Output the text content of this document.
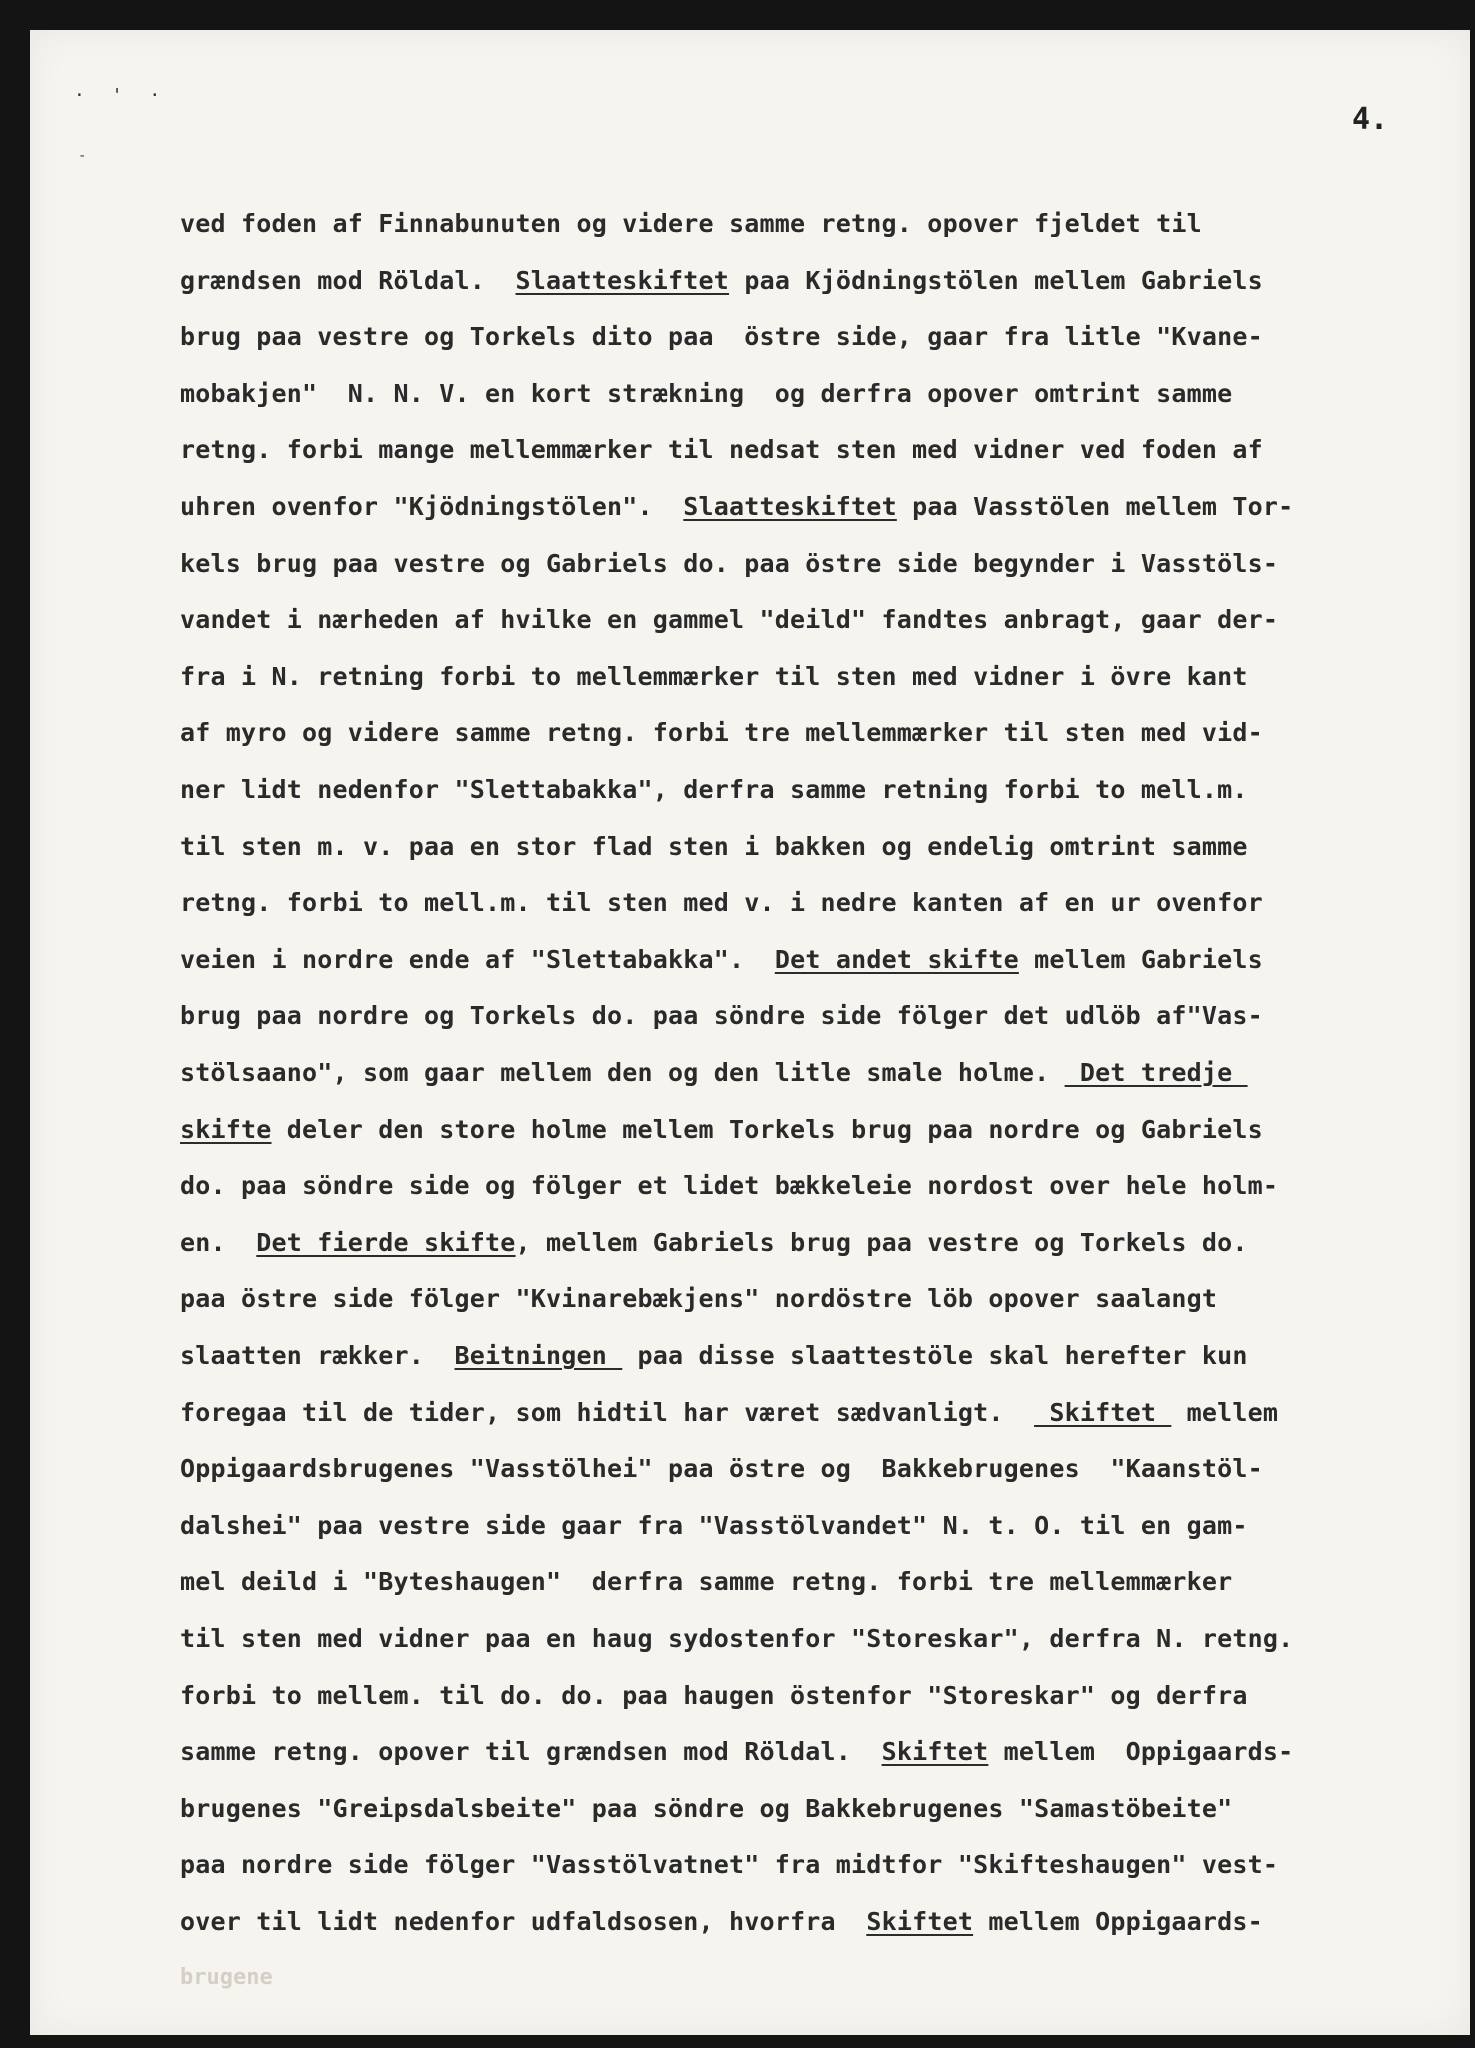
· ' ·
-
4.
ved foden af Finnabunuten og videre samme retng. opover fjeldet til
grændsen mod Röldal.  Slaatteskiftet paa Kjödningstölen mellem Gabriels
brug paa vestre og Torkels dito paa  östre side, gaar fra litle "Kvane-
mobakjen"  N. N. V. en kort strækning  og derfra opover omtrint samme
retng. forbi mange mellemmærker til nedsat sten med vidner ved foden af
uhren ovenfor "Kjödningstölen".  Slaatteskiftet paa Vasstölen mellem Tor-
kels brug paa vestre og Gabriels do. paa östre side begynder i Vasstöls-
vandet i nærheden af hvilke en gammel "deild" fandtes anbragt, gaar der-
fra i N. retning forbi to mellemmærker til sten med vidner i övre kant
af myro og videre samme retng. forbi tre mellemmærker til sten med vid-
ner lidt nedenfor "Slettabakka", derfra samme retning forbi to mell.m.
til sten m. v. paa en stor flad sten i bakken og endelig omtrint samme
retng. forbi to mell.m. til sten med v. i nedre kanten af en ur ovenfor
veien i nordre ende af "Slettabakka".  Det andet skifte mellem Gabriels
brug paa nordre og Torkels do. paa söndre side fölger det udlöb af"Vas-
stölsaano", som gaar mellem den og den litle smale holme.  Det tredje
skifte deler den store holme mellem Torkels brug paa nordre og Gabriels
do. paa söndre side og fölger et lidet bækkeleie nordost over hele holm-
en.  Det fierde skifte, mellem Gabriels brug paa vestre og Torkels do.
paa östre side fölger "Kvinarebækjens" nordöstre löb opover saalangt
slaatten rækker.  Beitningen  paa disse slaattestöle skal herefter kun
foregaa til de tider, som hidtil har været sædvanligt.   Skiftet  mellem
Oppigaardsbrugenes "Vasstölhei" paa östre og  Bakkebrugenes  "Kaanstöl-
dalshei" paa vestre side gaar fra "Vasstölvandet" N. t. O. til en gam-
mel deild i "Byteshaugen"  derfra samme retng. forbi tre mellemmærker
til sten med vidner paa en haug sydostenfor "Storeskar", derfra N. retng.
forbi to mellem. til do. do. paa haugen östenfor "Storeskar" og derfra
samme retng. opover til grændsen mod Röldal.  Skiftet mellem  Oppigaards-
brugenes "Greipsdalsbeite" paa söndre og Bakkebrugenes "Samastöbeite"
paa nordre side fölger "Vasstölvatnet" fra midtfor "Skifteshaugen" vest-
over til lidt nedenfor udfaldsosen, hvorfra  Skiftet mellem Oppigaards-
brugene
